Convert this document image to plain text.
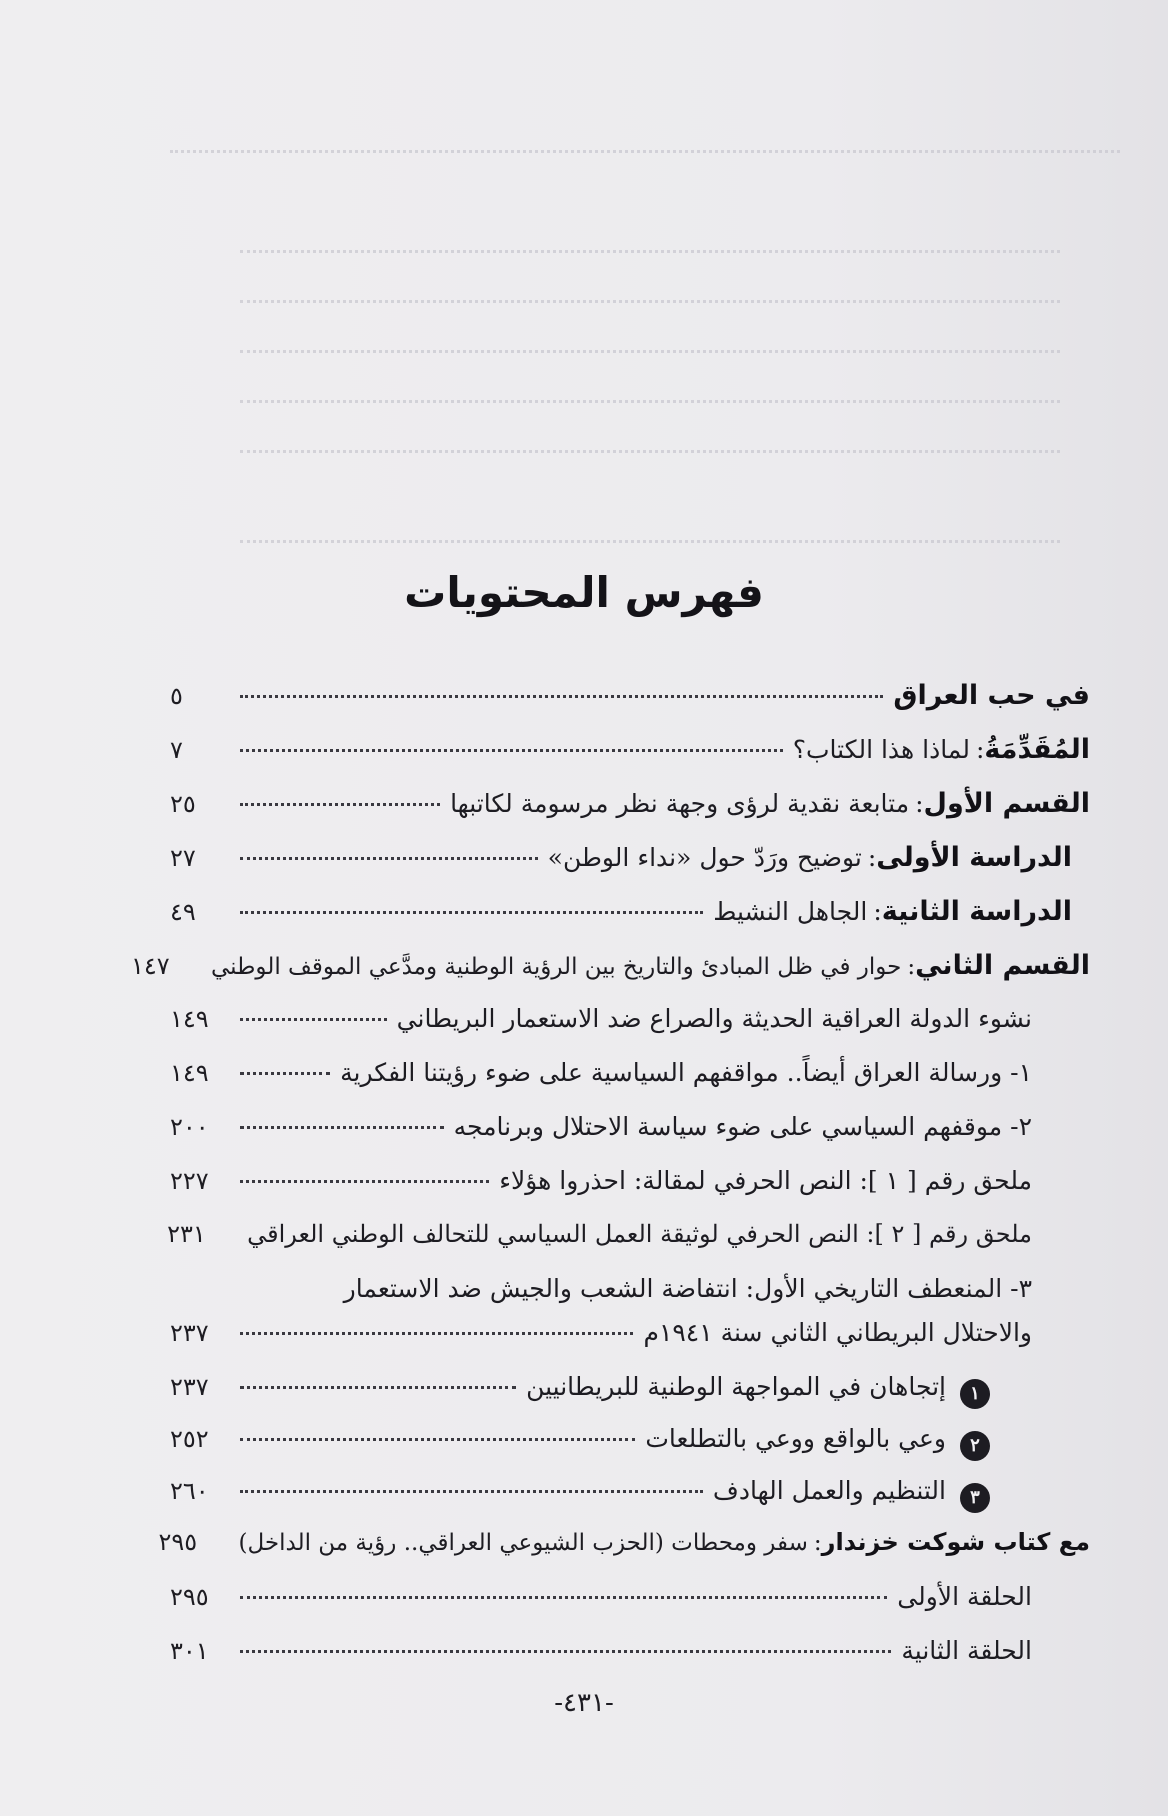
فهرس المحتويات
في حب العراق
٥
المُقَدِّمَةُ
:
لماذا هذا الكتاب؟
٧
القسم الأول
:
متابعة نقدية لرؤى وجهة نظر مرسومة لكاتبها
٢٥
الدراسة الأولى
:
توضيح ورَدّ حول «نداء الوطن»
٢٧
الدراسة الثانية
:
الجاهل النشيط
٤٩
القسم الثاني
:
حوار في ظل المبادئ والتاريخ بين الرؤية الوطنية ومدَّعي الموقف الوطني
١٤٧
نشوء الدولة العراقية الحديثة والصراع ضد الاستعمار البريطاني
١٤٩
١- ورسالة العراق أيضاً.. مواقفهم السياسية على ضوء رؤيتنا الفكرية
١٤٩
٢- موقفهم السياسي على ضوء سياسة الاحتلال وبرنامجه
٢٠٠
ملحق رقم [ ١ ]: النص الحرفي لمقالة: احذروا هؤلاء
٢٢٧
ملحق رقم [ ٢ ]: النص الحرفي لوثيقة العمل السياسي للتحالف الوطني العراقي
٢٣١
٣- المنعطف التاريخي الأول: انتفاضة الشعب والجيش ضد الاستعمار
والاحتلال البريطاني الثاني سنة ١٩٤١م
٢٣٧
١
إتجاهان في المواجهة الوطنية للبريطانيين
٢٣٧
٢
وعي بالواقع ووعي بالتطلعات
٢٥٢
٣
التنظيم والعمل الهادف
٢٦٠
مع كتاب شوكت خزندار
:
سفر ومحطات (الحزب الشيوعي العراقي.. رؤية من الداخل)
٢٩٥
الحلقة الأولى
٢٩٥
الحلقة الثانية
٣٠١
-٤٣١-
